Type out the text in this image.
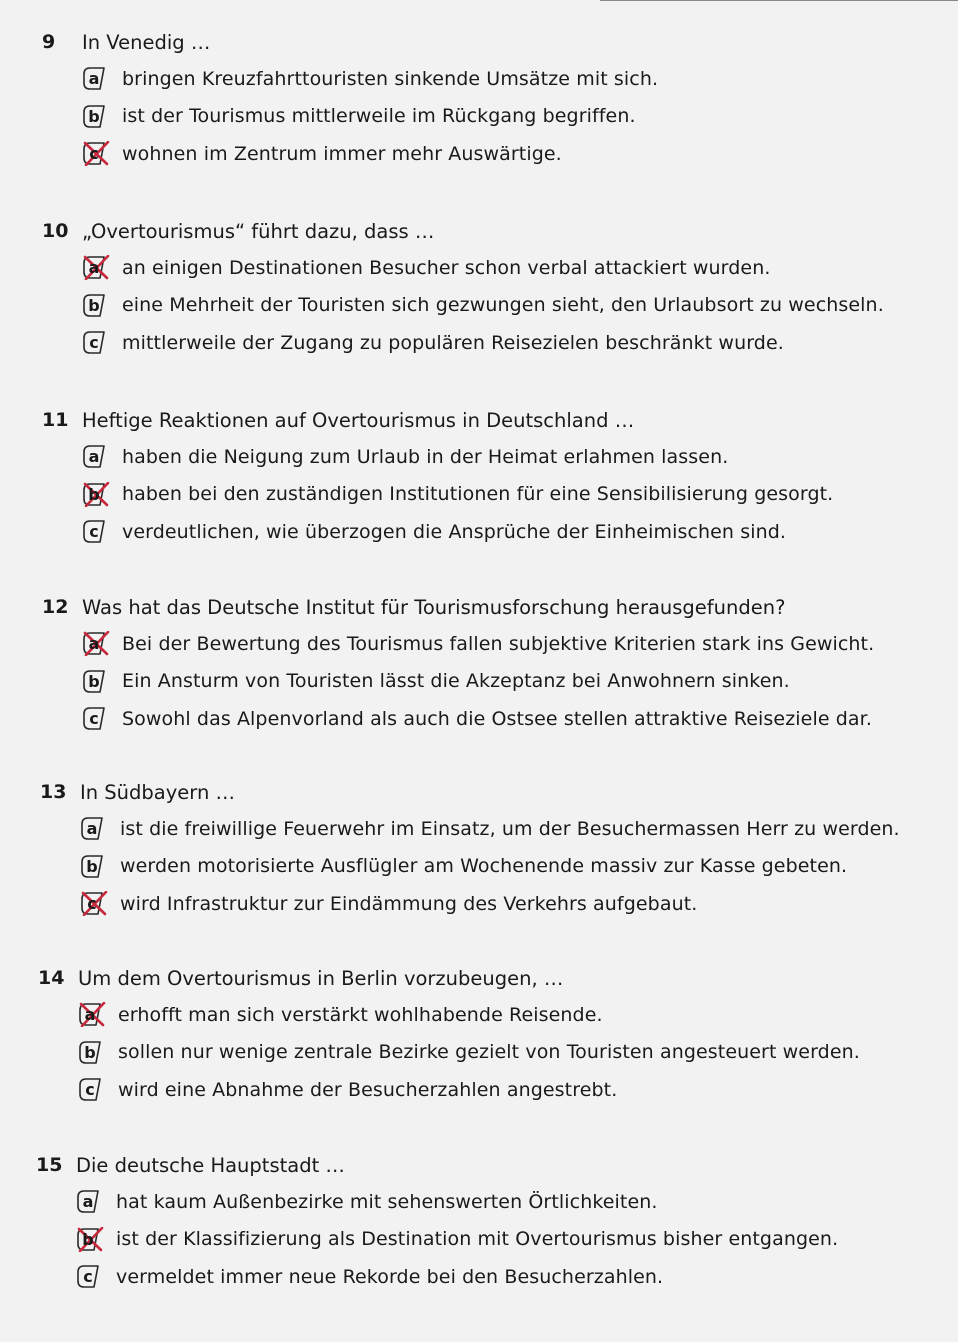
9	In Venedig …
a	bringen Kreuzfahrttouristen sinkende Umsätze mit sich.
b	ist der Tourismus mittlerweile im Rückgang begriffen.
c	wohnen im Zentrum immer mehr Auswärtige.
10 „Overtourismus“ führt dazu, dass …
a	an einigen Destinationen Besucher schon verbal attackiert wurden.
b	eine Mehrheit der Touristen sich gezwungen sieht, den Urlaubsort zu wechseln.
c	mittlerweile der Zugang zu populären Reisezielen beschränkt wurde.
11 Heftige Reaktionen auf Overtourismus in Deutschland …
a	haben die Neigung zum Urlaub in der Heimat erlahmen lassen.
b	haben bei den zuständigen Institutionen für eine Sensibilisierung gesorgt.
c	verdeutlichen, wie überzogen die Ansprüche der Einheimischen sind.
12 Was hat das Deutsche Institut für Tourismusforschung herausgefunden?
a	Bei der Bewertung des Tourismus fallen subjektive Kriterien stark ins Gewicht.
b	Ein Ansturm von Touristen lässt die Akzeptanz bei Anwohnern sinken.
c	Sowohl das Alpenvorland als auch die Ostsee stellen attraktive Reiseziele dar.
13 In Südbayern …
a	ist die freiwillige Feuerwehr im Einsatz, um der Besuchermassen Herr zu werden.
b	werden motorisierte Ausflügler am Wochenende massiv zur Kasse gebeten.
c	wird Infrastruktur zur Eindämmung des Verkehrs aufgebaut.
14 Um dem Overtourismus in Berlin vorzubeugen, …
a	erhofft man sich verstärkt wohlhabende Reisende.
b	sollen nur wenige zentrale Bezirke gezielt von Touristen angesteuert werden.
c	wird eine Abnahme der Besucherzahlen angestrebt.
15 Die deutsche Hauptstadt …
a	hat kaum Außenbezirke mit sehenswerten Örtlichkeiten.
b	ist der Klassifizierung als Destination mit Overtourismus bisher entgangen.
c	vermeldet immer neue Rekorde bei den Besucherzahlen.
